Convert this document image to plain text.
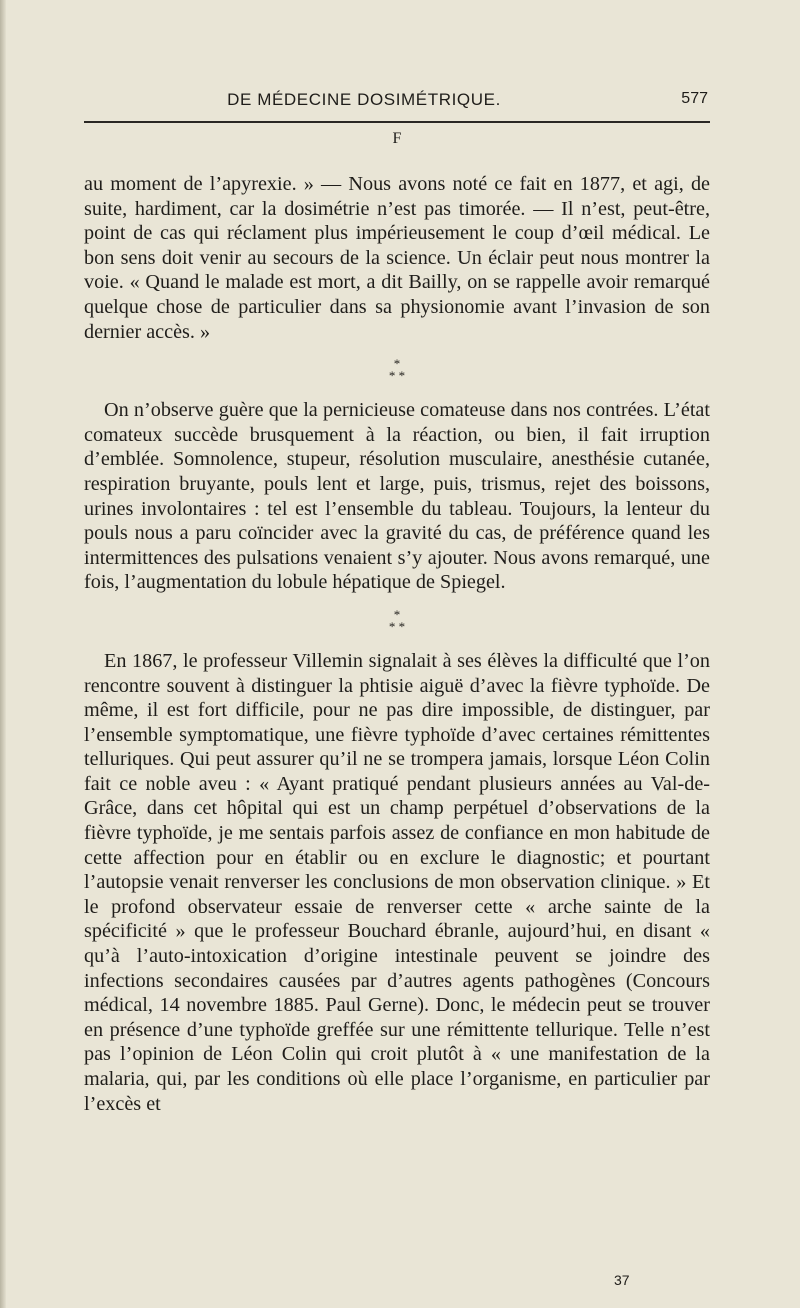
DE MÉDECINE DOSIMÉTRIQUE.	577
F

au moment de l’apyrexie. » — Nous avons noté ce fait en 1877, et agi, de suite, hardiment, car la dosimétrie n’est pas timorée. — Il n’est, peut-être, point de cas qui réclament plus impérieusement le coup d’œil médical. Le bon sens doit venir au secours de la science. Un éclair peut nous montrer la voie. « Quand le malade est mort, a dit Bailly, on se rappelle avoir remarqué quelque chose de particulier dans sa physionomie avant l’invasion de son dernier accès. »

*
* *

On n’observe guère que la pernicieuse comateuse dans nos contrées. L’état comateux succède brusquement à la réaction, ou bien, il fait irruption d’emblée. Somnolence, stupeur, résolution musculaire, anesthésie cutanée, respiration bruyante, pouls lent et large, puis, trismus, rejet des boissons, urines involontaires : tel est l’ensemble du tableau. Toujours, la lenteur du pouls nous a paru coïncider avec la gravité du cas, de préférence quand les intermittences des pulsations venaient s’y ajouter. Nous avons remarqué, une fois, l’augmentation du lobule hépatique de Spiegel.

*
* *

En 1867, le professeur Villemin signalait à ses élèves la difficulté que l’on rencontre souvent à distinguer la phtisie aiguë d’avec la fièvre typhoïde. De même, il est fort difficile, pour ne pas dire impossible, de distinguer, par l’ensemble symptomatique, une fièvre typhoïde d’avec certaines rémittentes telluriques. Qui peut assurer qu’il ne se trompera jamais, lorsque Léon Colin fait ce noble aveu : « Ayant pratiqué pendant plusieurs années au Val-de-Grâce, dans cet hôpital qui est un champ perpétuel d’observations de la fièvre typhoïde, je me sentais parfois assez de confiance en mon habitude de cette affection pour en établir ou en exclure le diagnostic; et pourtant l’autopsie venait renverser les conclusions de mon observation clinique. » Et le profond observateur essaie de renverser cette « arche sainte de la spécificité » que le professeur Bouchard ébranle, aujourd’hui, en disant « qu’à l’auto-intoxication d’origine intestinale peuvent se joindre des infections secondaires causées par d’autres agents pathogènes (Concours médical, 14 novembre 1885. Paul Gerne). Donc, le médecin peut se trouver en présence d’une typhoïde greffée sur une rémittente tellurique. Telle n’est pas l’opinion de Léon Colin qui croit plutôt à « une manifestation de la malaria, qui, par les conditions où elle place l’organisme, en particulier par l’excès et

37
